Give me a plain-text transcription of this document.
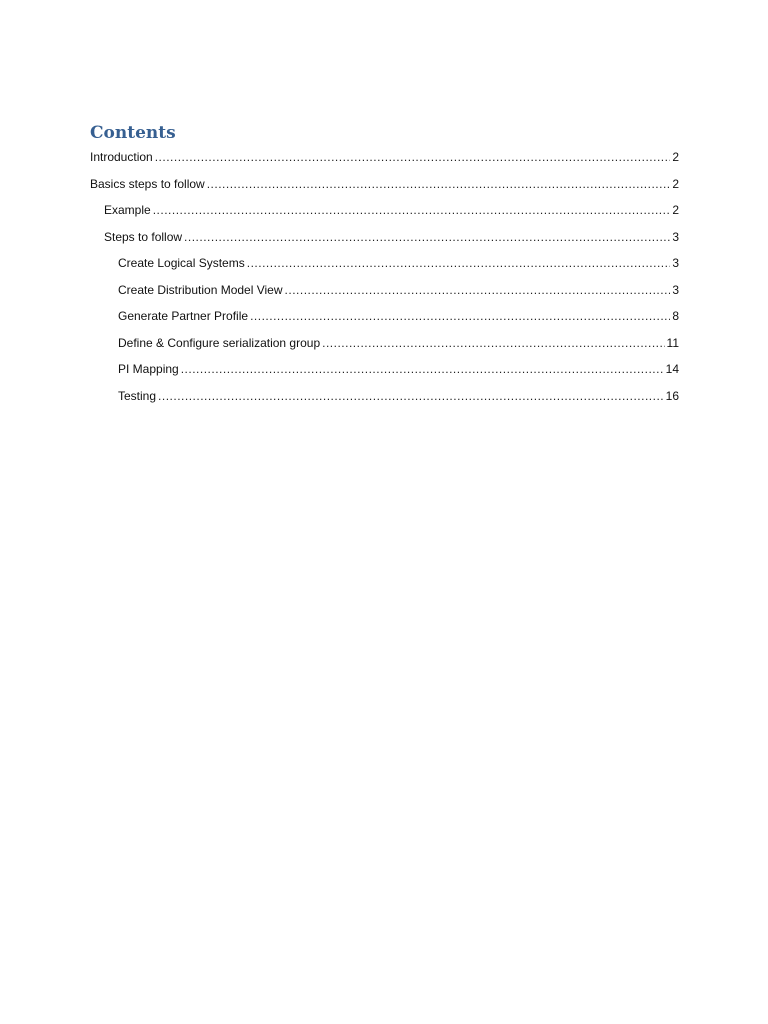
Contents
Introduction .....	2
Basics steps to follow .....	2
Example .....	2
Steps to follow .....	3
Create Logical Systems .....	3
Create Distribution Model View .....	3
Generate Partner Profile .....	8
Define & Configure serialization group .....	11
PI Mapping .....	14
Testing .....	16
